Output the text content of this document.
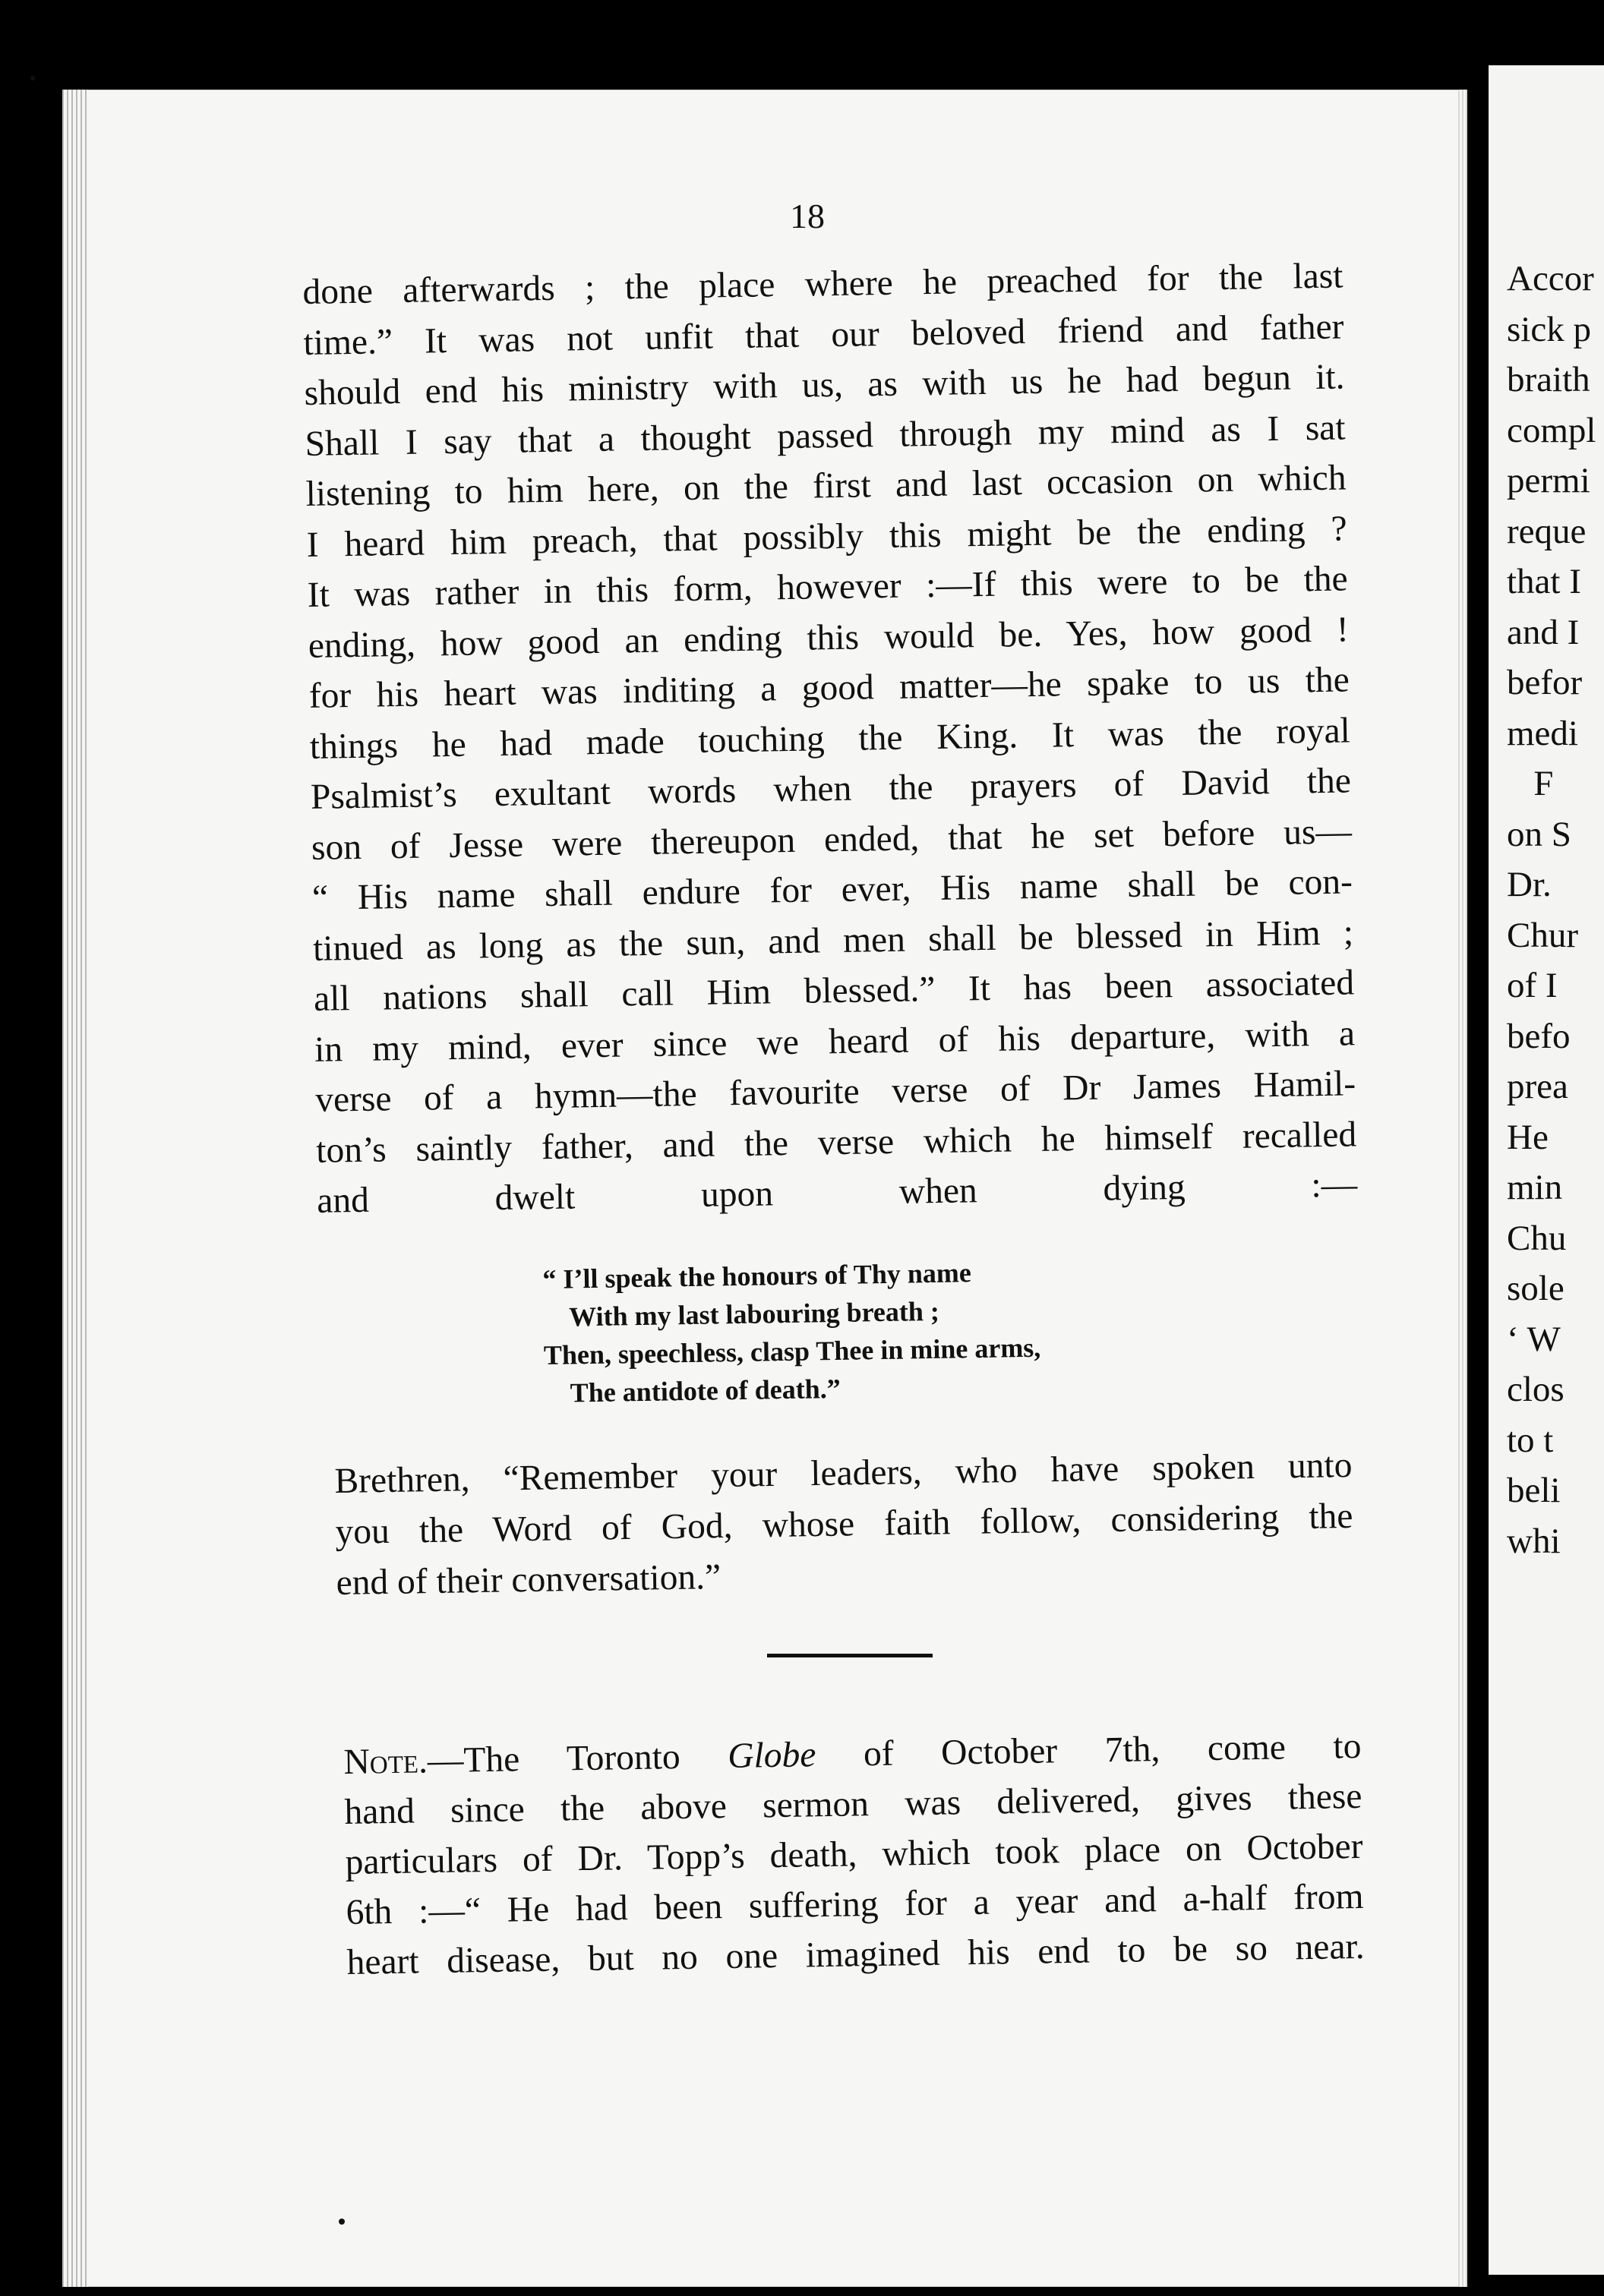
Accor
sick p
braith
compl
permi
reque
that I
and I
befor
medi
F
on S
Dr.
Chur
of I
befo
prea
He
min
Chu
sole
‘ W
clos
to t
beli
whi
18
done afterwards ; the place where he preached for the last
time.” It was not unfit that our beloved friend and father
should end his ministry with us, as with us he had begun it.
Shall I say that a thought passed through my mind as I sat
listening to him here, on the first and last occasion on which
I heard him preach, that possibly this might be the ending ?
It was rather in this form, however :—If this were to be the
ending, how good an ending this would be. Yes, how good !
for his heart was inditing a good matter—he spake to us the
things he had made touching the King. It was the royal
Psalmist’s exultant words when the prayers of David the
son of Jesse were thereupon ended, that he set before us—
“ His name shall endure for ever, His name shall be con-
tinued as long as the sun, and men shall be blessed in Him ;
all nations shall call Him blessed.” It has been associated
in my mind, ever since we heard of his departure, with a
verse of a hymn—the favourite verse of Dr James Hamil-
ton’s saintly father, and the verse which he himself recalled
and dwelt upon when dying :—
“ I’ll speak the honours of Thy name
With my last labouring breath ;
Then, speechless, clasp Thee in mine arms,
The antidote of death.”
Brethren, “Remember your leaders, who have spoken unto
you the Word of God, whose faith follow, considering the
end of their conversation.”
Note.—The Toronto Globe of October 7th, come to
hand since the above sermon was delivered, gives these
particulars of Dr. Topp’s death, which took place on October
6th :—“ He had been suffering for a year and a-half from
heart disease, but no one imagined his end to be so near.
